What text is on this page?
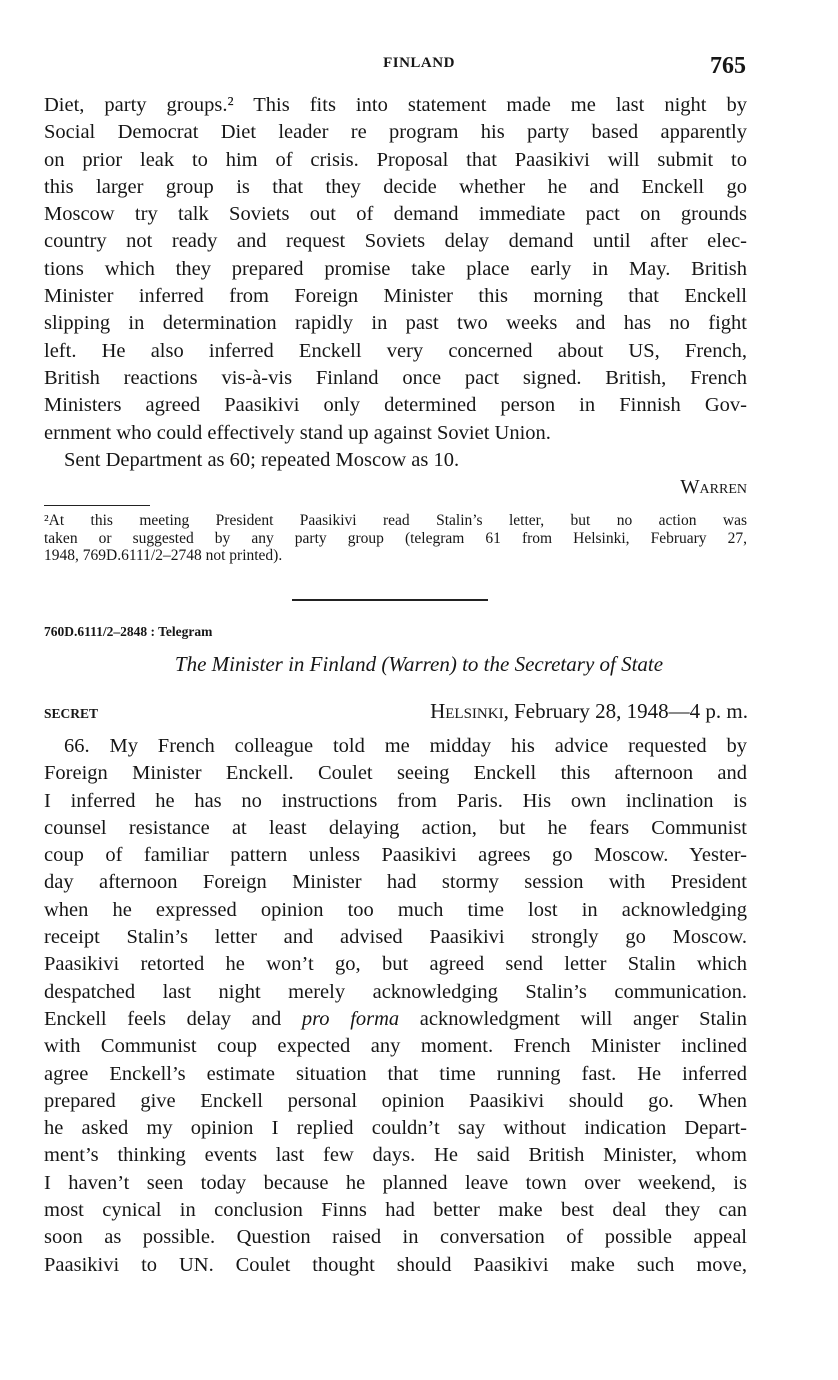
FINLAND	765
Diet, party groups.² This fits into statement made me last night by
Social Democrat Diet leader re program his party based apparently
on prior leak to him of crisis. Proposal that Paasikivi will submit to
this larger group is that they decide whether he and Enckell go
Moscow try talk Soviets out of demand immediate pact on grounds
country not ready and request Soviets delay demand until after elec-
tions which they prepared promise take place early in May. British
Minister inferred from Foreign Minister this morning that Enckell
slipping in determination rapidly in past two weeks and has no fight
left. He also inferred Enckell very concerned about US, French,
British reactions vis-à-vis Finland once pact signed. British, French
Ministers agreed Paasikivi only determined person in Finnish Gov-
ernment who could effectively stand up against Soviet Union.
Sent Department as 60; repeated Moscow as 10.
Warren
²At this meeting President Paasikivi read Stalin’s letter, but no action was
taken or suggested by any party group (telegram 61 from Helsinki, February 27,
1948, 769D.6111/2–2748 not printed).
760D.6111/2–2848 : Telegram
The Minister in Finland (Warren) to the Secretary of State
SECRET	Helsinki, February 28, 1948—4 p. m.
66. My French colleague told me midday his advice requested by
Foreign Minister Enckell. Coulet seeing Enckell this afternoon and
I inferred he has no instructions from Paris. His own inclination is
counsel resistance at least delaying action, but he fears Communist
coup of familiar pattern unless Paasikivi agrees go Moscow. Yester-
day afternoon Foreign Minister had stormy session with President
when he expressed opinion too much time lost in acknowledging
receipt Stalin’s letter and advised Paasikivi strongly go Moscow.
Paasikivi retorted he won’t go, but agreed send letter Stalin which
despatched last night merely acknowledging Stalin’s communication.
Enckell feels delay and pro forma acknowledgment will anger Stalin
with Communist coup expected any moment. French Minister inclined
agree Enckell’s estimate situation that time running fast. He inferred
prepared give Enckell personal opinion Paasikivi should go. When
he asked my opinion I replied couldn’t say without indication Depart-
ment’s thinking events last few days. He said British Minister, whom
I haven’t seen today because he planned leave town over weekend, is
most cynical in conclusion Finns had better make best deal they can
soon as possible. Question raised in conversation of possible appeal
Paasikivi to UN. Coulet thought should Paasikivi make such move,
